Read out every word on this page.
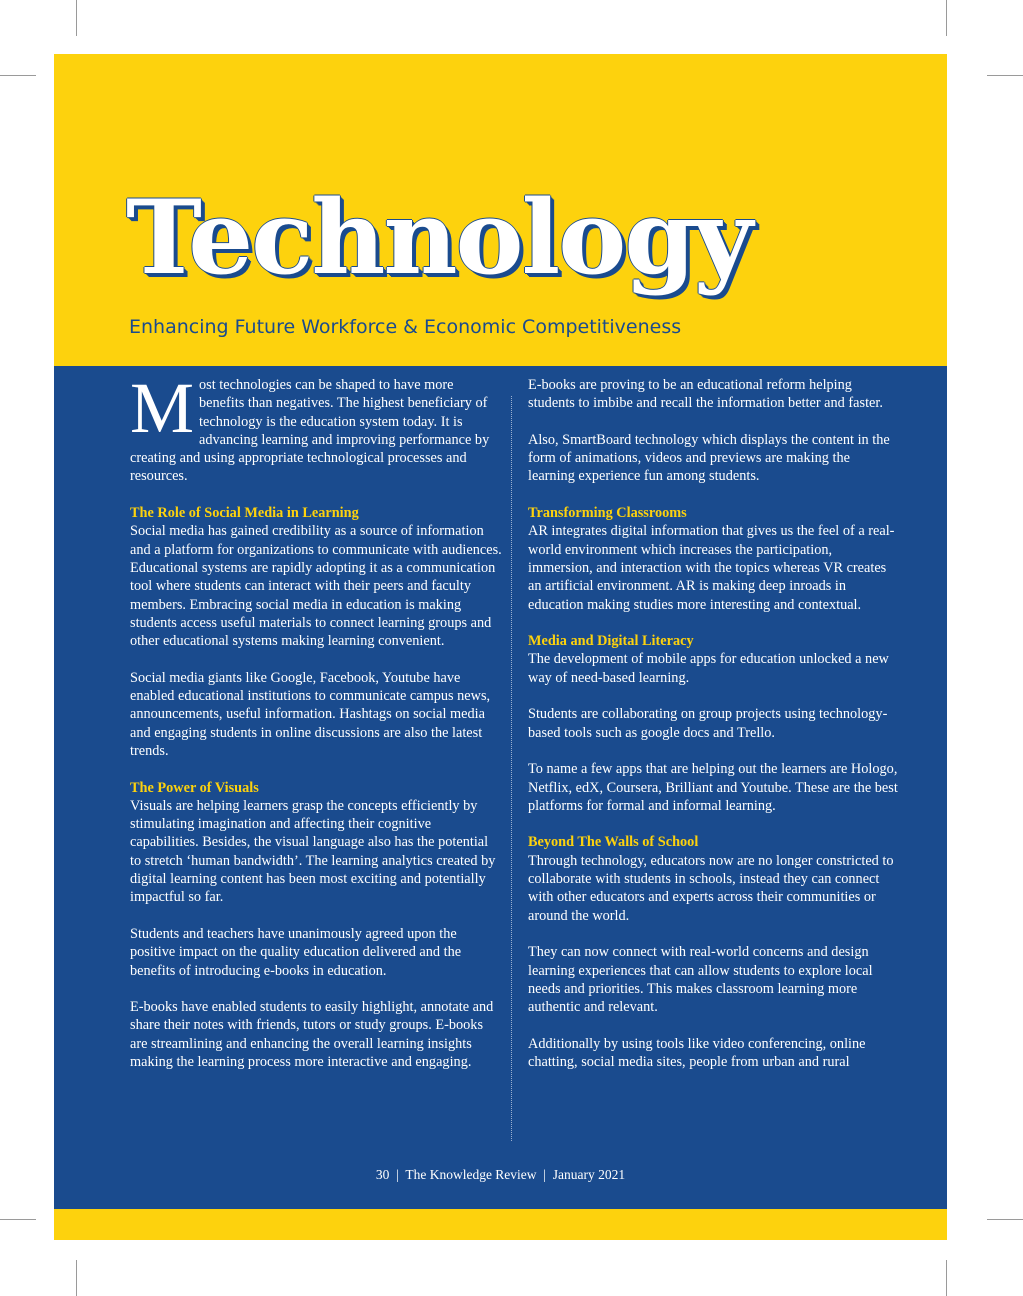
Technology

Enhancing Future Workforce & Economic Competitiveness

Most technologies can be shaped to have more benefits than negatives. The highest beneficiary of technology is the education system today. It is advancing learning and improving performance by creating and using appropriate technological processes and resources.

The Role of Social Media in Learning

Social media has gained credibility as a source of information and a platform for organizations to communicate with audiences. Educational systems are rapidly adopting it as a communication tool where students can interact with their peers and faculty members. Embracing social media in education is making students access useful materials to connect learning groups and other educational systems making learning convenient.

Social media giants like Google, Facebook, Youtube have enabled educational institutions to communicate campus news, announcements, useful information. Hashtags on social media and engaging students in online discussions are also the latest trends.

The Power of Visuals

Visuals are helping learners grasp the concepts efficiently by stimulating imagination and affecting their cognitive capabilities. Besides, the visual language also has the potential to stretch ‘human bandwidth’. The learning analytics created by digital learning content has been most exciting and potentially impactful so far.

Students and teachers have unanimously agreed upon the positive impact on the quality education delivered and the benefits of introducing e-books in education.

E-books have enabled students to easily highlight, annotate and share their notes with friends, tutors or study groups. E-books are streamlining and enhancing the overall learning insights making the learning process more interactive and engaging.

E-books are proving to be an educational reform helping students to imbibe and recall the information better and faster.

Also, SmartBoard technology which displays the content in the form of animations, videos and previews are making the learning experience fun among students.

Transforming Classrooms

AR integrates digital information that gives us the feel of a real-world environment which increases the participation, immersion, and interaction with the topics whereas VR creates an artificial environment. AR is making deep inroads in education making studies more interesting and contextual.

Media and Digital Literacy

The development of mobile apps for education unlocked a new way of need-based learning.

Students are collaborating on group projects using technology-based tools such as google docs and Trello.

To name a few apps that are helping out the learners are Hologo, Netflix, edX, Coursera, Brilliant and Youtube. These are the best platforms for formal and informal learning.

Beyond The Walls of School

Through technology, educators now are no longer constricted to collaborate with students in schools, instead they can connect with other educators and experts across their communities or around the world.

They can now connect with real-world concerns and design learning experiences that can allow students to explore local needs and priorities. This makes classroom learning more authentic and relevant.

Additionally by using tools like video conferencing, online chatting, social media sites, people from urban and rural

30  |  The Knowledge Review  |  January 2021
